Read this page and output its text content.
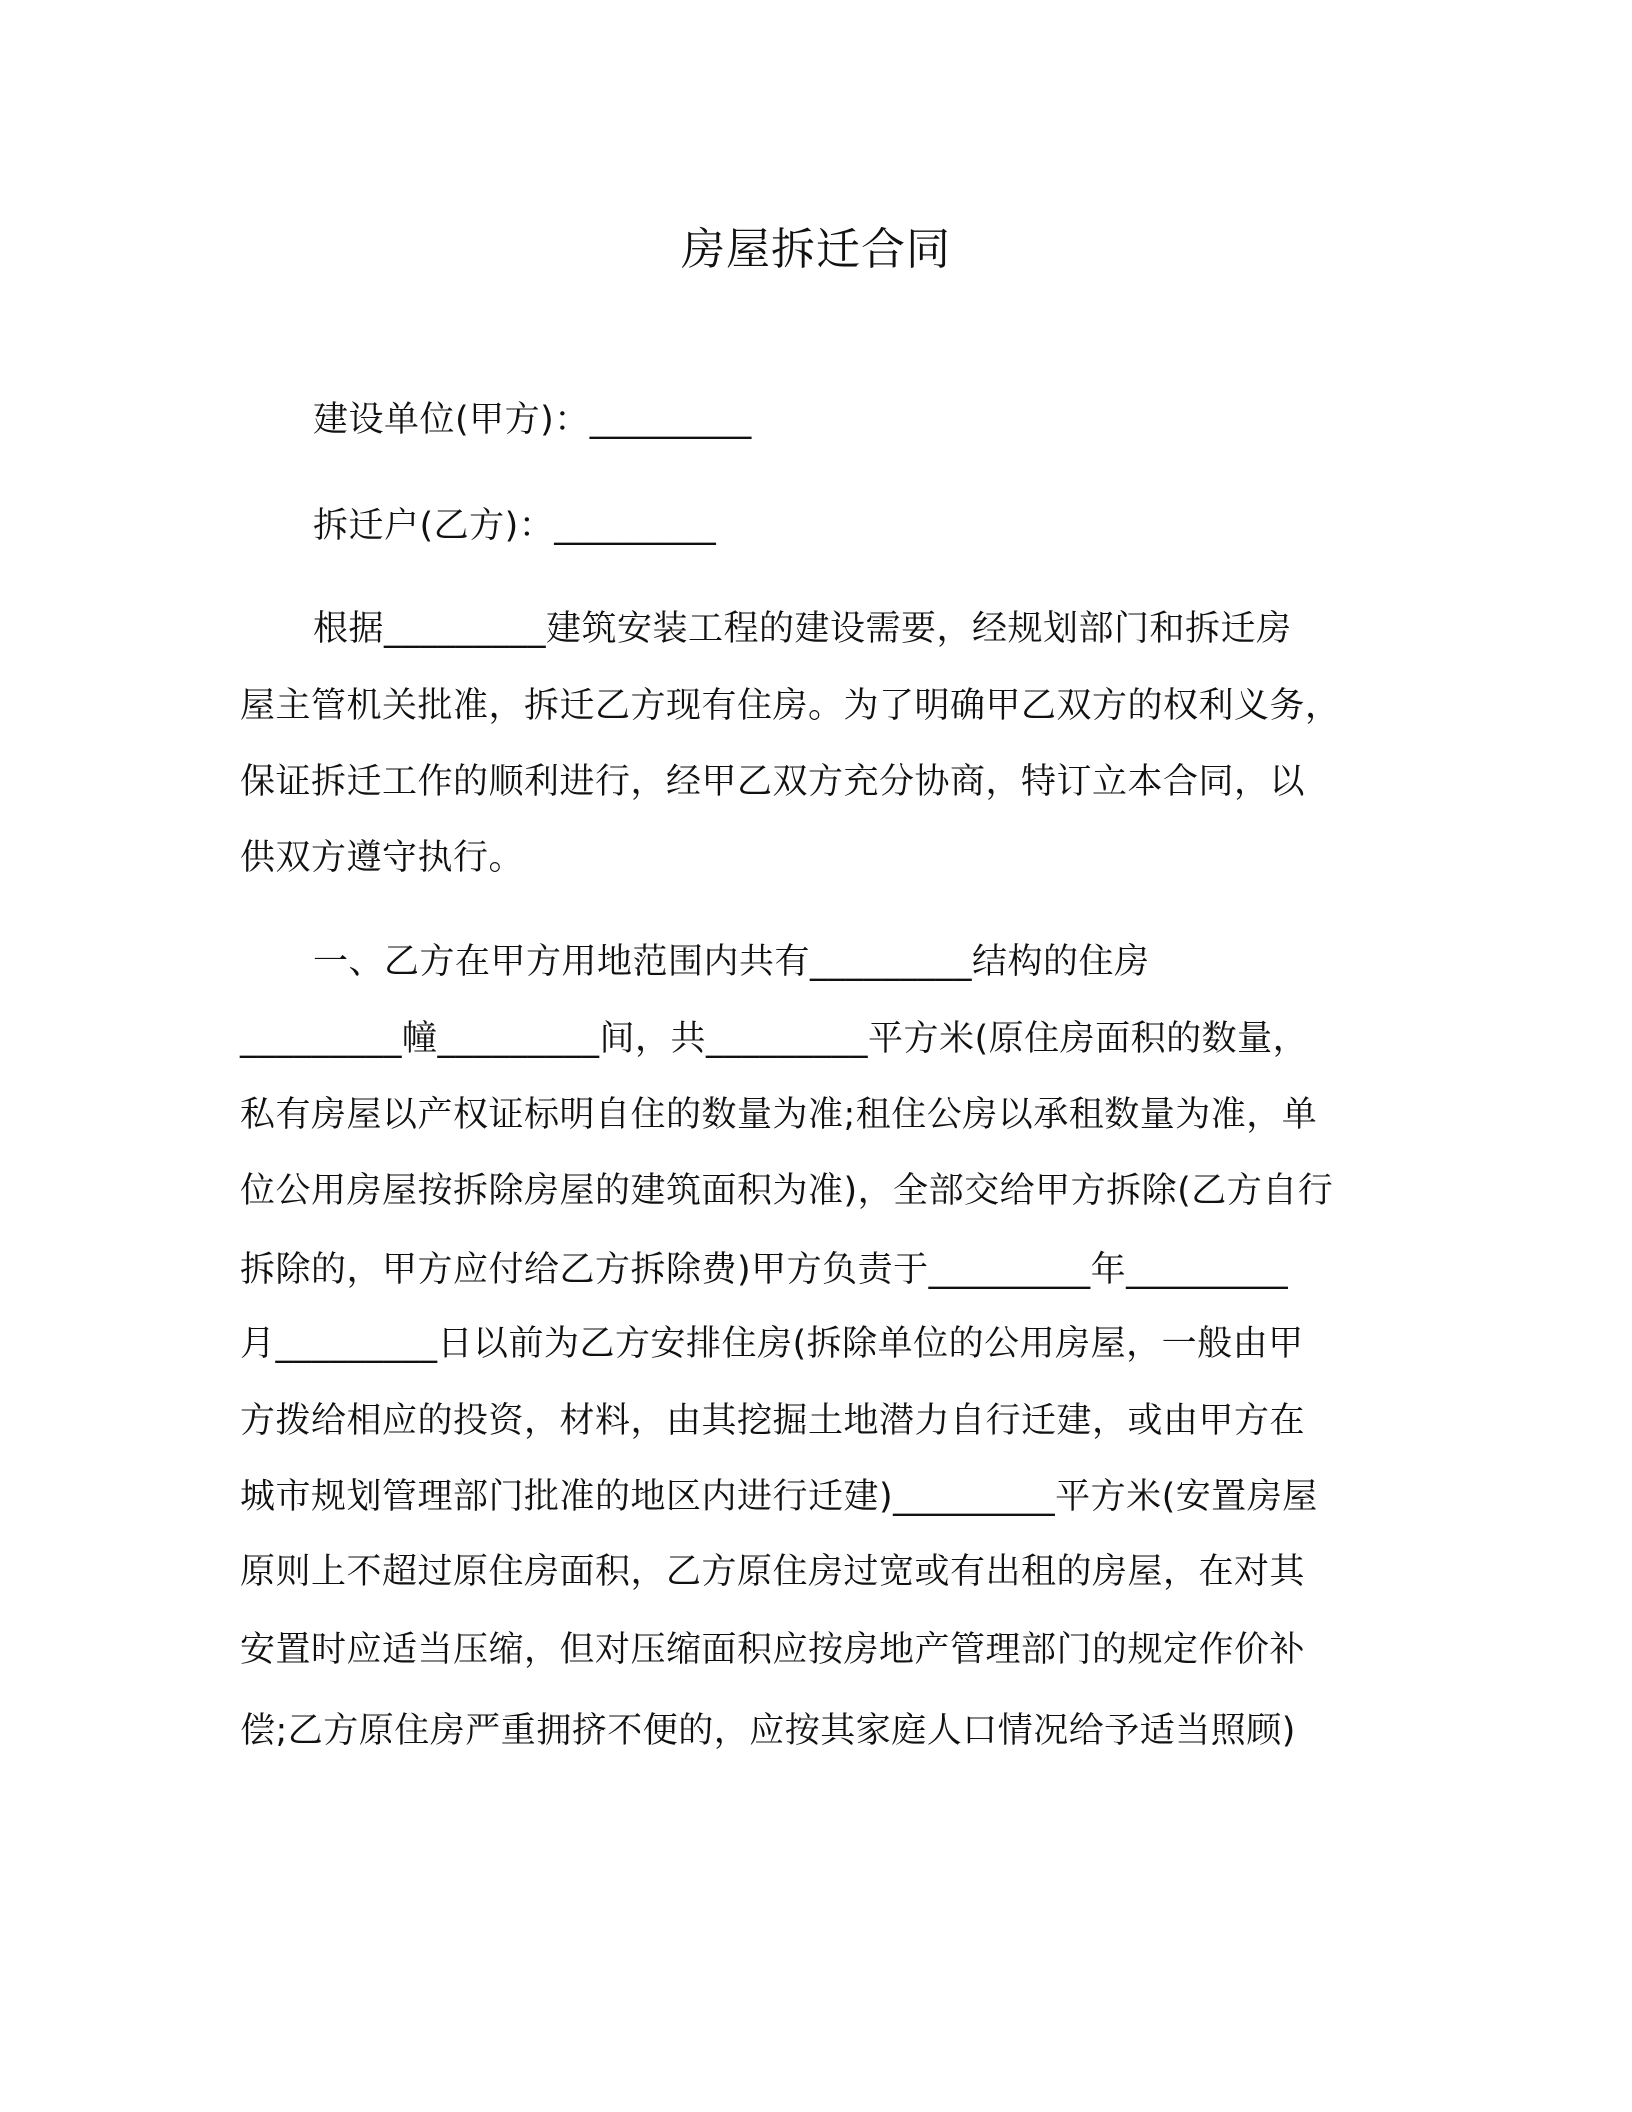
房屋拆迁合同
建设单位(甲方)：_________
拆迁户(乙方)：_________
根据_________建筑安装工程的建设需要，经规划部门和拆迁房
屋主管机关批准，拆迁乙方现有住房。为了明确甲乙双方的权利义务，
保证拆迁工作的顺利进行，经甲乙双方充分协商，特订立本合同，以
供双方遵守执行。
一、乙方在甲方用地范围内共有_________结构的住房
_________幢_________间，共_________平方米(原住房面积的数量，
私有房屋以产权证标明自住的数量为准;租住公房以承租数量为准，单
位公用房屋按拆除房屋的建筑面积为准)，全部交给甲方拆除(乙方自行
拆除的，甲方应付给乙方拆除费)甲方负责于_________年_________
月_________日以前为乙方安排住房(拆除单位的公用房屋，一般由甲
方拨给相应的投资，材料，由其挖掘土地潜力自行迁建，或由甲方在
城市规划管理部门批准的地区内进行迁建)_________平方米(安置房屋
原则上不超过原住房面积，乙方原住房过宽或有出租的房屋，在对其
安置时应适当压缩，但对压缩面积应按房地产管理部门的规定作价补
偿;乙方原住房严重拥挤不便的，应按其家庭人口情况给予适当照顾)
